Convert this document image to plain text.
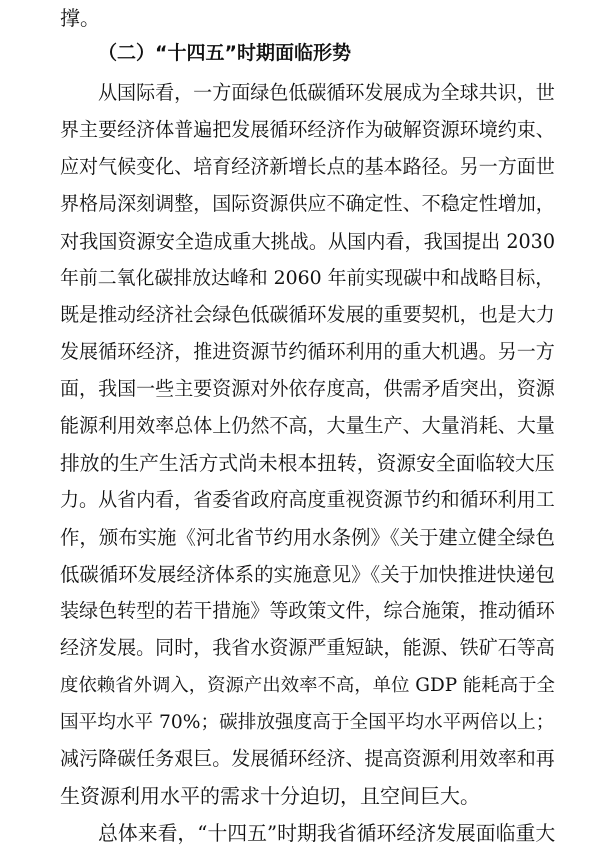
撑。
（二）“十四五”时期面临形势
从国际看，一方面绿色低碳循环发展成为全球共识，世
界主要经济体普遍把发展循环经济作为破解资源环境约束、
应对气候变化、培育经济新增长点的基本路径。另一方面世
界格局深刻调整，国际资源供应不确定性、不稳定性增加，
对我国资源安全造成重大挑战。从国内看，我国提出 2030
年前二氧化碳排放达峰和 2060 年前实现碳中和战略目标，
既是推动经济社会绿色低碳循环发展的重要契机，也是大力
发展循环经济，推进资源节约循环利用的重大机遇。另一方
面，我国一些主要资源对外依存度高，供需矛盾突出，资源
能源利用效率总体上仍然不高，大量生产、大量消耗、大量
排放的生产生活方式尚未根本扭转，资源安全面临较大压
力。从省内看，省委省政府高度重视资源节约和循环利用工
作，颁布实施《河北省节约用水条例》《关于建立健全绿色
低碳循环发展经济体系的实施意见》《关于加快推进快递包
装绿色转型的若干措施》等政策文件，综合施策，推动循环
经济发展。同时，我省水资源严重短缺，能源、铁矿石等高
度依赖省外调入，资源产出效率不高，单位 GDP 能耗高于全
国平均水平 70%；碳排放强度高于全国平均水平两倍以上；
减污降碳任务艰巨。发展循环经济、提高资源利用效率和再
生资源利用水平的需求十分迫切，且空间巨大。
总体来看，“十四五”时期我省循环经济发展面临重大
